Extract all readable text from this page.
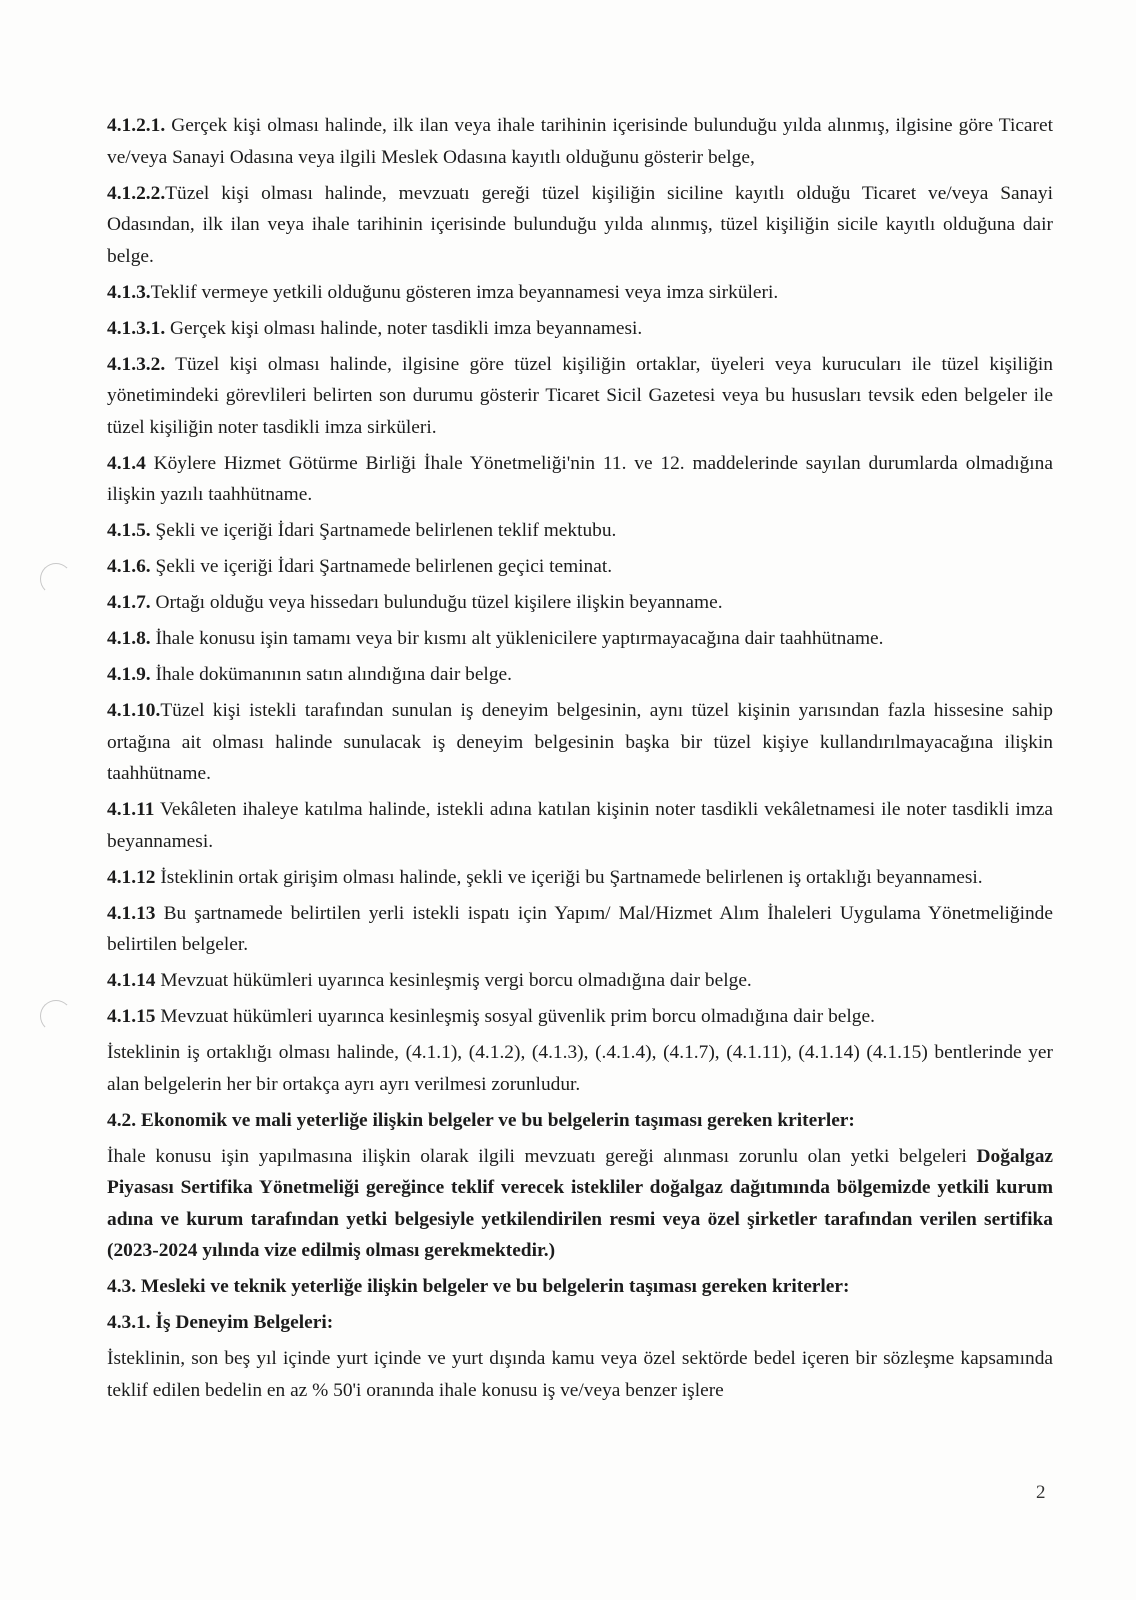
4.1.2.1. Gerçek kişi olması halinde, ilk ilan veya ihale tarihinin içerisinde bulunduğu yılda alınmış, ilgisine göre Ticaret ve/veya Sanayi Odasına veya ilgili Meslek Odasına kayıtlı olduğunu gösterir belge,

4.1.2.2.Tüzel kişi olması halinde, mevzuatı gereği tüzel kişiliğin siciline kayıtlı olduğu Ticaret ve/veya Sanayi Odasından, ilk ilan veya ihale tarihinin içerisinde bulunduğu yılda alınmış, tüzel kişiliğin sicile kayıtlı olduğuna dair belge.

4.1.3.Teklif vermeye yetkili olduğunu gösteren imza beyannamesi veya imza sirküleri.

4.1.3.1. Gerçek kişi olması halinde, noter tasdikli imza beyannamesi.

4.1.3.2. Tüzel kişi olması halinde, ilgisine göre tüzel kişiliğin ortaklar, üyeleri veya kurucuları ile tüzel kişiliğin yönetimindeki görevlileri belirten son durumu gösterir Ticaret Sicil Gazetesi veya bu hususları tevsik eden belgeler ile tüzel kişiliğin noter tasdikli imza sirküleri.

4.1.4 Köylere Hizmet Götürme Birliği İhale Yönetmeliği'nin 11. ve 12. maddelerinde sayılan durumlarda olmadığına ilişkin yazılı taahhütname.

4.1.5. Şekli ve içeriği İdari Şartnamede belirlenen teklif mektubu.

4.1.6. Şekli ve içeriği İdari Şartnamede belirlenen geçici teminat.

4.1.7. Ortağı olduğu veya hissedarı bulunduğu tüzel kişilere ilişkin beyanname.

4.1.8. İhale konusu işin tamamı veya bir kısmı alt yüklenicilere yaptırmayacağına dair taahhütname.

4.1.9. İhale dokümanının satın alındığına dair belge.

4.1.10.Tüzel kişi istekli tarafından sunulan iş deneyim belgesinin, aynı tüzel kişinin yarısından fazla hissesine sahip ortağına ait olması halinde sunulacak iş deneyim belgesinin başka bir tüzel kişiye kullandırılmayacağına ilişkin taahhütname.

4.1.11 Vekâleten ihaleye katılma halinde, istekli adına katılan kişinin noter tasdikli vekâletnamesi ile noter tasdikli imza beyannamesi.

4.1.12 İsteklinin ortak girişim olması halinde, şekli ve içeriği bu Şartnamede belirlenen iş ortaklığı beyannamesi.

4.1.13 Bu şartnamede belirtilen yerli istekli ispatı için Yapım/ Mal/Hizmet Alım İhaleleri Uygulama Yönetmeliğinde belirtilen belgeler.

4.1.14 Mevzuat hükümleri uyarınca kesinleşmiş vergi borcu olmadığına dair belge.

4.1.15 Mevzuat hükümleri uyarınca kesinleşmiş sosyal güvenlik prim borcu olmadığına dair belge.

İsteklinin iş ortaklığı olması halinde, (4.1.1), (4.1.2), (4.1.3), (.4.1.4), (4.1.7), (4.1.11), (4.1.14) (4.1.15) bentlerinde yer alan belgelerin her bir ortakça ayrı ayrı verilmesi zorunludur.

4.2. Ekonomik ve mali yeterliğe ilişkin belgeler ve bu belgelerin taşıması gereken kriterler:

İhale konusu işin yapılmasına ilişkin olarak ilgili mevzuatı gereği alınması zorunlu olan yetki belgeleri Doğalgaz Piyasası Sertifika Yönetmeliği gereğince teklif verecek istekliler doğalgaz dağıtımında bölgemizde yetkili kurum adına ve kurum tarafından yetki belgesiyle yetkilendirilen resmi veya özel şirketler tarafından verilen sertifika (2023-2024 yılında vize edilmiş olması gerekmektedir.)

4.3. Mesleki ve teknik yeterliğe ilişkin belgeler ve bu belgelerin taşıması gereken kriterler:

4.3.1. İş Deneyim Belgeleri:

İsteklinin, son beş yıl içinde yurt içinde ve yurt dışında kamu veya özel sektörde bedel içeren bir sözleşme kapsamında teklif edilen bedelin en az % 50'i oranında ihale konusu iş ve/veya benzer işlere

2
